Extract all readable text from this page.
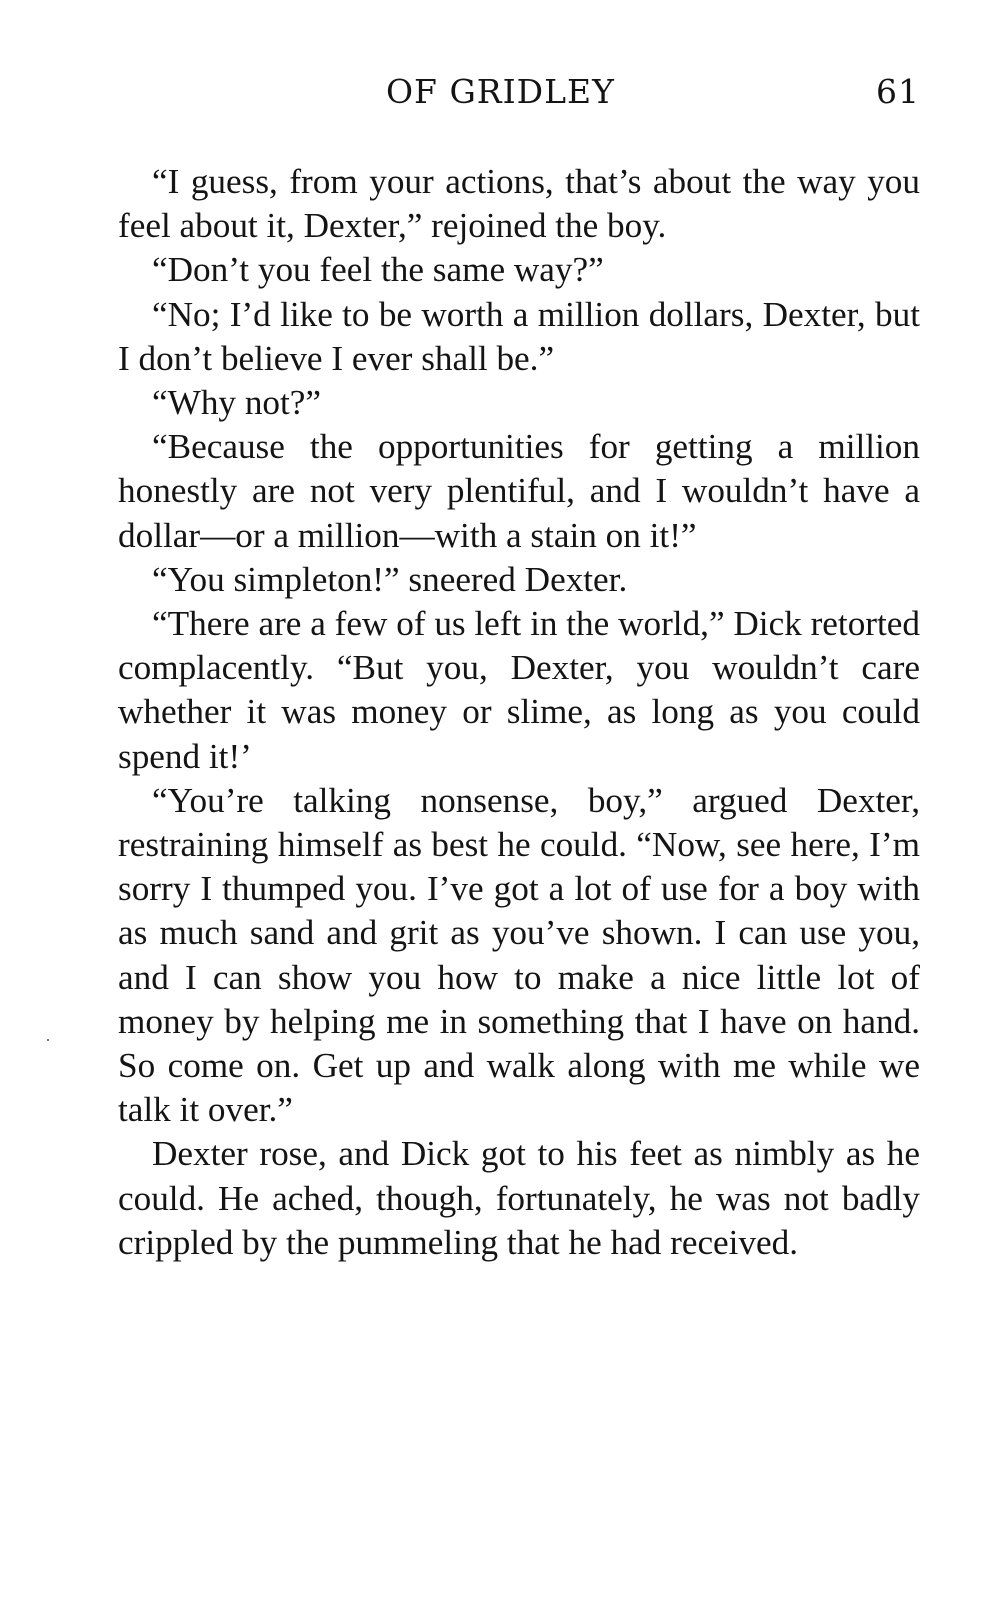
OF GRIDLEY	61

“I guess, from your actions, that’s about the way you feel about it, Dexter,” rejoined the boy.

“Don’t you feel the same way?”

“No; I’d like to be worth a million dollars, Dexter, but I don’t believe I ever shall be.”

“Why not?”

“Because the opportunities for getting a million honestly are not very plentiful, and I wouldn’t have a dollar—or a million—with a stain on it!”

“You simpleton!” sneered Dexter.

“There are a few of us left in the world,” Dick retorted complacently. “But you, Dexter, you wouldn’t care whether it was money or slime, as long as you could spend it!’

“You’re talking nonsense, boy,” argued Dexter, restraining himself as best he could. “Now, see here, I’m sorry I thumped you. I’ve got a lot of use for a boy with as much sand and grit as you’ve shown. I can use you, and I can show you how to make a nice little lot of money by helping me in something that I have on hand. So come on. Get up and walk along with me while we talk it over.”

Dexter rose, and Dick got to his feet as nimbly as he could. He ached, though, fortunately, he was not badly crippled by the pummeling that he had received.
